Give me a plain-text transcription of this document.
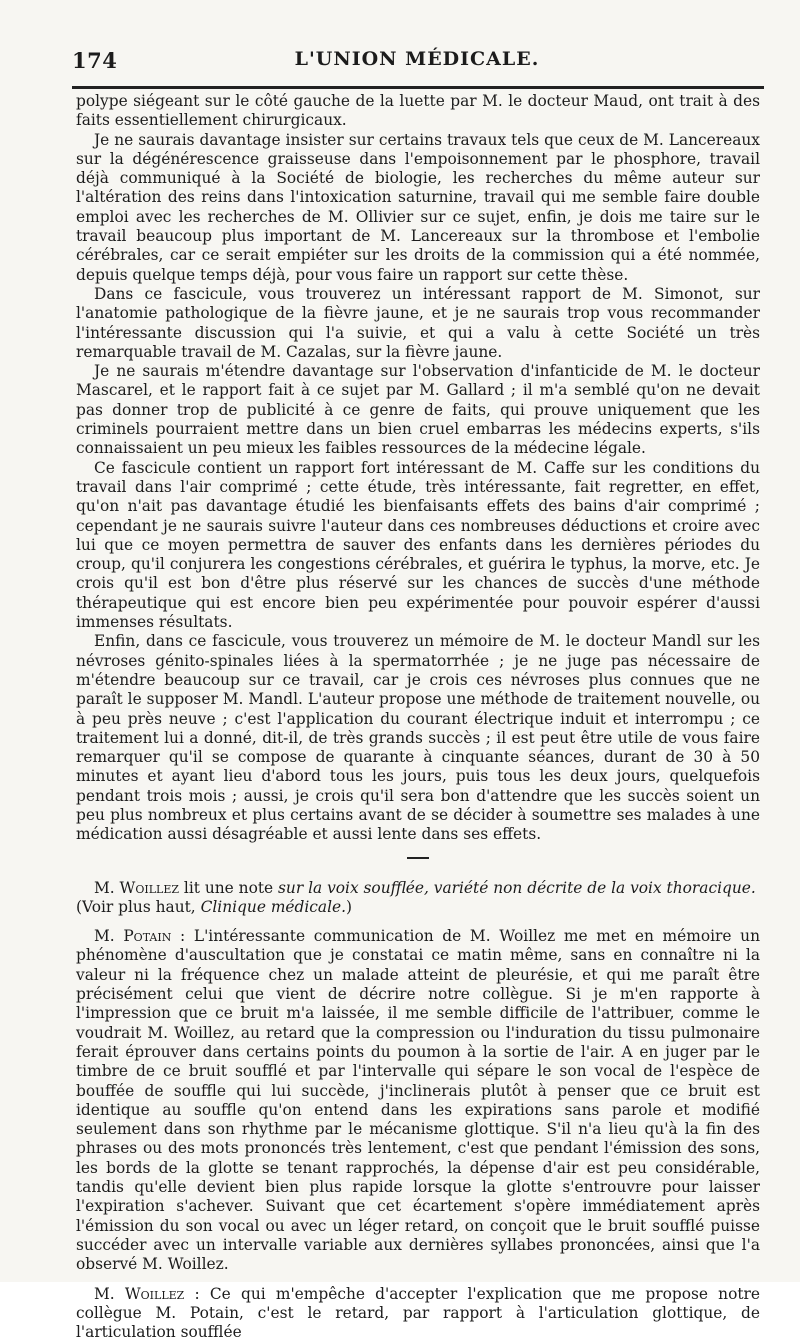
174	L'UNION MÉDICALE.

polype siégeant sur le côté gauche de la luette par M. le docteur Maud, ont trait à des faits essentiellement chirurgicaux.

Je ne saurais davantage insister sur certains travaux tels que ceux de M. Lancereaux sur la dégénérescence graisseuse dans l'empoisonnement par le phosphore, travail déjà communiqué à la Société de biologie, les recherches du même auteur sur l'altération des reins dans l'intoxication saturnine, travail qui me semble faire double emploi avec les recherches de M. Ollivier sur ce sujet, enfin, je dois me taire sur le travail beaucoup plus important de M. Lancereaux sur la thrombose et l'embolie cérébrales, car ce serait empiéter sur les droits de la commission qui a été nommée, depuis quelque temps déjà, pour vous faire un rapport sur cette thèse.

Dans ce fascicule, vous trouverez un intéressant rapport de M. Simonot, sur l'anatomie pathologique de la fièvre jaune, et je ne saurais trop vous recommander l'intéressante discussion qui l'a suivie, et qui a valu à cette Société un très remarquable travail de M. Cazalas, sur la fièvre jaune.

Je ne saurais m'étendre davantage sur l'observation d'infanticide de M. le docteur Mascarel, et le rapport fait à ce sujet par M. Gallard ; il m'a semblé qu'on ne devait pas donner trop de publicité à ce genre de faits, qui prouve uniquement que les criminels pourraient mettre dans un bien cruel embarras les médecins experts, s'ils connaissaient un peu mieux les faibles ressources de la médecine légale.

Ce fascicule contient un rapport fort intéressant de M. Caffe sur les conditions du travail dans l'air comprimé ; cette étude, très intéressante, fait regretter, en effet, qu'on n'ait pas davantage étudié les bienfaisants effets des bains d'air comprimé ; cependant je ne saurais suivre l'auteur dans ces nombreuses déductions et croire avec lui que ce moyen permettra de sauver des enfants dans les dernières périodes du croup, qu'il conjurera les congestions cérébrales, et guérira le typhus, la morve, etc. Je crois qu'il est bon d'être plus réservé sur les chances de succès d'une méthode thérapeutique qui est encore bien peu expérimentée pour pouvoir espérer d'aussi immenses résultats.

Enfin, dans ce fascicule, vous trouverez un mémoire de M. le docteur Mandl sur les névroses génito-spinales liées à la spermatorrhée ; je ne juge pas nécessaire de m'étendre beaucoup sur ce travail, car je crois ces névroses plus connues que ne paraît le supposer M. Mandl. L'auteur propose une méthode de traitement nouvelle, ou à peu près neuve ; c'est l'application du courant électrique induit et interrompu ; ce traitement lui a donné, dit-il, de très grands succès ; il est peut être utile de vous faire remarquer qu'il se compose de quarante à cinquante séances, durant de 30 à 50 minutes et ayant lieu d'abord tous les jours, puis tous les deux jours, quelquefois pendant trois mois ; aussi, je crois qu'il sera bon d'attendre que les succès soient un peu plus nombreux et plus certains avant de se décider à soumettre ses malades à une médication aussi désagréable et aussi lente dans ses effets.

M. Woillez lit une note sur la voix soufflée, variété non décrite de la voix thoracique.
(Voir plus haut, Clinique médicale.)

M. Potain : L'intéressante communication de M. Woillez me met en mémoire un phénomène d'auscultation que je constatai ce matin même, sans en connaître ni la valeur ni la fréquence chez un malade atteint de pleurésie, et qui me paraît être précisément celui que vient de décrire notre collègue. Si je m'en rapporte à l'impression que ce bruit m'a laissée, il me semble difficile de l'attribuer, comme le voudrait M. Woillez, au retard que la compression ou l'induration du tissu pulmonaire ferait éprouver dans certains points du poumon à la sortie de l'air. A en juger par le timbre de ce bruit soufflé et par l'intervalle qui sépare le son vocal de l'espèce de bouffée de souffle qui lui succède, j'inclinerais plutôt à penser que ce bruit est identique au souffle qu'on entend dans les expirations sans parole et modifié seulement dans son rhythme par le mécanisme glottique. S'il n'a lieu qu'à la fin des phrases ou des mots prononcés très lentement, c'est que pendant l'émission des sons, les bords de la glotte se tenant rapprochés, la dépense d'air est peu considérable, tandis qu'elle devient bien plus rapide lorsque la glotte s'entrouvre pour laisser l'expiration s'achever. Suivant que cet écartement s'opère immédiatement après l'émission du son vocal ou avec un léger retard, on conçoit que le bruit soufflé puisse succéder avec un intervalle variable aux dernières syllabes prononcées, ainsi que l'a observé M. Woillez.

M. Woillez : Ce qui m'empêche d'accepter l'explication que me propose notre collègue M. Potain, c'est le retard, par rapport à l'articulation glottique, de l'articulation soufflée
